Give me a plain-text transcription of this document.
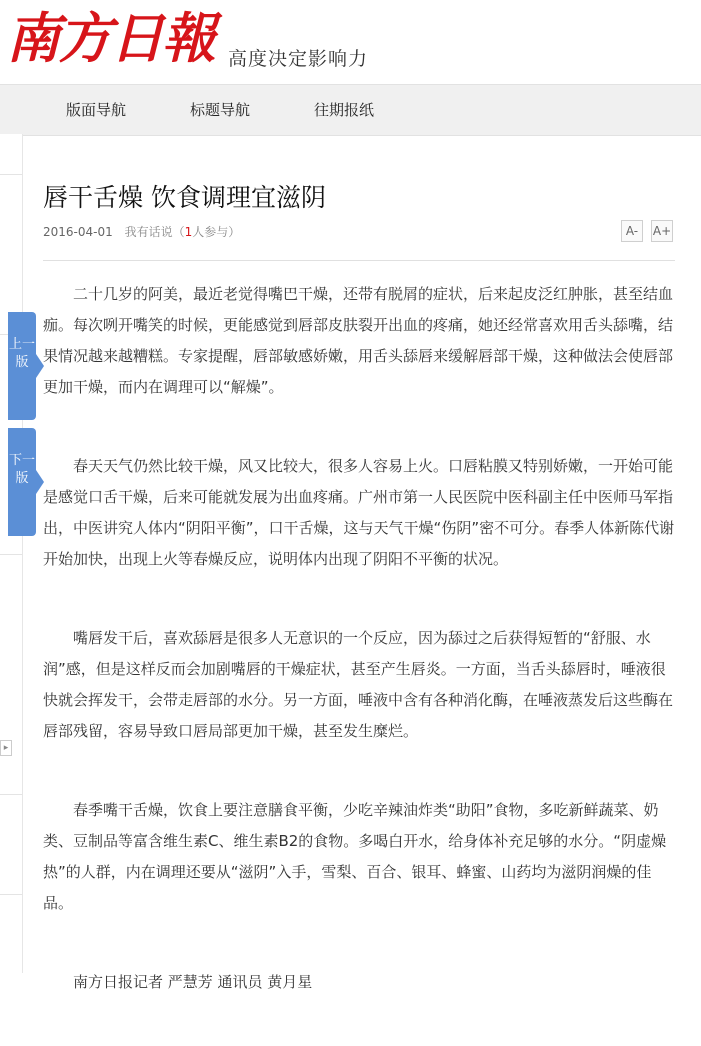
南方日報 高度决定影响力
版面导航	标题导航	往期报纸
▸
唇干舌燥 饮食调理宜滋阴
2016-04-01 我有话说（1人参与）	A-	A+

二十几岁的阿美，最近老觉得嘴巴干燥，还带有脱屑的症状，后来起皮泛红肿胀，甚至结血痂。每次咧开嘴笑的时候，更能感觉到唇部皮肤裂开出血的疼痛，她还经常喜欢用舌头舔嘴，结果情况越来越糟糕。专家提醒，唇部敏感娇嫩，用舌头舔唇来缓解唇部干燥，这种做法会使唇部更加干燥，而内在调理可以“解燥”。

春天天气仍然比较干燥，风又比较大，很多人容易上火。口唇粘膜又特别娇嫩，一开始可能是感觉口舌干燥，后来可能就发展为出血疼痛。广州市第一人民医院中医科副主任中医师马军指出，中医讲究人体内“阴阳平衡”，口干舌燥，这与天气干燥“伤阴”密不可分。春季人体新陈代谢开始加快，出现上火等春燥反应，说明体内出现了阴阳不平衡的状况。

嘴唇发干后，喜欢舔唇是很多人无意识的一个反应，因为舔过之后获得短暂的“舒服、水润”感，但是这样反而会加剧嘴唇的干燥症状，甚至产生唇炎。一方面，当舌头舔唇时，唾液很快就会挥发干，会带走唇部的水分。另一方面，唾液中含有各种消化酶，在唾液蒸发后这些酶在唇部残留，容易导致口唇局部更加干燥，甚至发生糜烂。

春季嘴干舌燥，饮食上要注意膳食平衡，少吃辛辣油炸类“助阳”食物，多吃新鲜蔬菜、奶类、豆制品等富含维生素C、维生素B2的食物。多喝白开水，给身体补充足够的水分。“阴虚燥热”的人群，内在调理还要从“滋阴”入手，雪梨、百合、银耳、蜂蜜、山药均为滋阴润燥的佳品。

南方日报记者 严慧芳 通讯员 黄月星

上一版
下一版
